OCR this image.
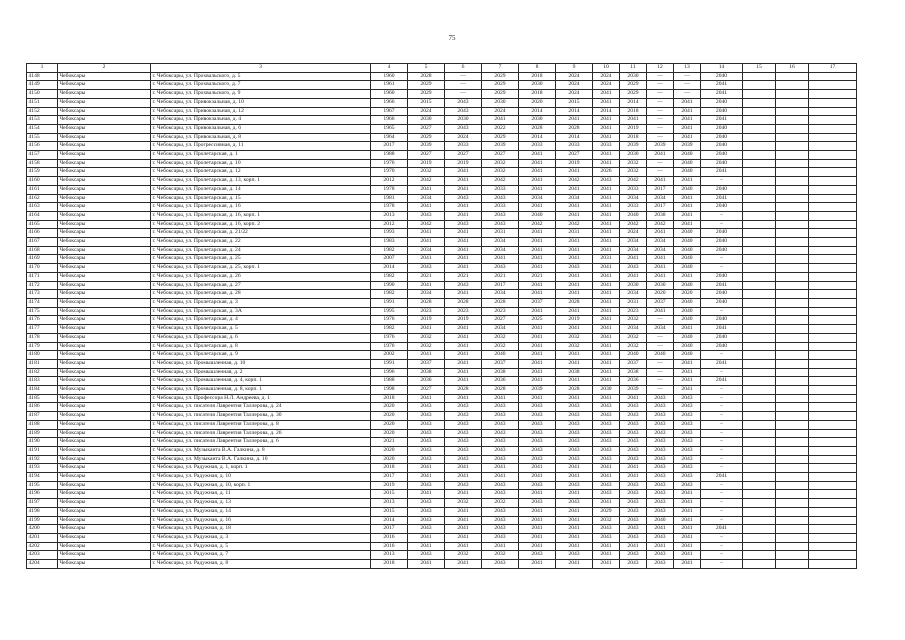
75
1	2	3	4	5	6	7	8	9	10	11	12	13	14	15	16	17
4148	Чебоксары	г. Чебоксары, ул. Прохвальского, д. 5	1960	2028	—	2029	2018	2024	2024	2030	—	—	2040			
4149	Чебоксары	г. Чебоксары, ул. Прохвальского, д. 7	1961	2029	—	2029	2030	2024	2024	2029	—	—	2041			
4150	Чебоксары	г. Чебоксары, ул. Прохвальского, д. 9	1960	2029	—	2029	2018	2024	2041	2029	—	—	2041			
4151	Чебоксары	г. Чебоксары, ул. Привокзальная, д. 10	1966	2015	2043	2030	2020	2015	2041	2014	—	2041	2040			
4152	Чебоксары	г. Чебоксары, ул. Привокзальная, д. 12	1967	2024	2043	2024	2014	2014	2014	2018	—	2041	2040			
4153	Чебоксары	г. Чебоксары, ул. Привокзальная, д. 4	1966	2030	2030	2041	2030	2041	2041	2041	—	2041	2041			
4154	Чебоксары	г. Чебоксары, ул. Привокзальная, д. 6	1965	2027	2043	2022	2028	2028	2041	2019	—	2041	2040			
4155	Чебоксары	г. Чебоксары, ул. Привокзальная, д. 8	1964	2029	2024	2029	2014	2014	2041	2018	—	2041	2040			
4156	Чебоксары	г. Чебоксары, ул. Прогрессивная, д. 11	2017	2039	2033	2039	2033	2033	2033	2039	2039	2039	2040			
4157	Чебоксары	г. Чебоксары, ул. Пролетарская, д. 1	1988	2027	2027	2027	2041	2027	2041	2030	2041	2040	2040			
4158	Чебоксары	г. Чебоксары, ул. Пролетарская, д. 10	1976	2019	2019	2032	2041	2019	2041	2032	—	2040	2040			
4159	Чебоксары	г. Чебоксары, ул. Пролетарская, д. 12	1970	2032	2041	2032	2041	2041	2026	2032	—	2040	2041			
4160	Чебоксары	г. Чебоксары, ул. Пролетарская, д. 13, корп. 1	2012	2042	2041	2042	2041	2042	2043	2042	2041	2041	–			
4161	Чебоксары	г. Чебоксары, ул. Пролетарская, д. 14	1978	2041	2041	2033	2041	2041	2041	2033	2017	2040	2040			
4162	Чебоксары	г. Чебоксары, ул. Пролетарская, д. 15	1981	2034	2043	2043	2034	2034	2041	2034	2034	2041	2041			
4163	Чебоксары	г. Чебоксары, ул. Пролетарская, д. 16	1978	2041	2041	2033	2041	2041	2041	2033	2017	2041	2040			
4164	Чебоксары	г. Чебоксары, ул. Пролетарская, д. 16, корп. 1	2013	2043	2041	2043	2040	2041	2041	2040	2038	2041	–			
4165	Чебоксары	г. Чебоксары, ул. Пролетарская, д. 16, корп. 2	2012	2042	2043	2043	2042	2042	2041	2042	2042	2041	–			
4166	Чебоксары	г. Чебоксары, ул. Пролетарская, д. 21/22	1993	2041	2041	2031	2041	2031	2041	2024	2041	2040	2040			
4167	Чебоксары	г. Чебоксары, ул. Пролетарская, д. 22	1983	2041	2041	2034	2041	2041	2041	2034	2034	2040	2040			
4168	Чебоксары	г. Чебоксары, ул. Пролетарская, д. 24	1982	2034	2041	2034	2041	2041	2041	2034	2034	2040	2040			
4169	Чебоксары	г. Чебоксары, ул. Пролетарская, д. 25	2007	2041	2041	2041	2041	2041	2031	2041	2041	2040	–			
4170	Чебоксары	г. Чебоксары, ул. Пролетарская, д. 25, корп. 1	2014	2043	2041	2043	2041	2043	2041	2043	2041	2040	–			
4171	Чебоксары	г. Чебоксары, ул. Пролетарская, д. 26	1982	2021	2021	2021	2021	2041	2041	2041	2041	2041	2040			
4172	Чебоксары	г. Чебоксары, ул. Пролетарская, д. 27	1990	2041	2043	2017	2041	2041	2041	2030	2030	2040	2041			
4173	Чебоксары	г. Чебоксары, ул. Пролетарская, д. 28	1982	2034	2041	2034	2041	2041	2041	2034	2020	2020	2040			
4174	Чебоксары	г. Чебоксары, ул. Пролетарская, д. 3	1991	2028	2028	2028	2037	2028	2041	2031	2037	2040	2040			
4175	Чебоксары	г. Чебоксары, ул. Пролетарская, д. 3А	1995	2023	2023	2023	2041	2041	2041	2023	2041	2040	–			
4176	Чебоксары	г. Чебоксары, ул. Пролетарская, д. 4	1976	2019	2019	2027	2025	2019	2041	2032	—	2040	2040			
4177	Чебоксары	г. Чебоксары, ул. Пролетарская, д. 5	1982	2041	2041	2034	2041	2041	2041	2034	2034	2041	2041			
4178	Чебоксары	г. Чебоксары, ул. Пролетарская, д. 6	1976	2032	2041	2032	2041	2032	2041	2032	—	2040	2040			
4179	Чебоксары	г. Чебоксары, ул. Пролетарская, д. 8	1976	2032	2041	2032	2041	2032	2041	2032	—	2040	2040			
4180	Чебоксары	г. Чебоксары, ул. Пролетарская, д. 9	2002	2041	2041	2040	2041	2041	2041	2040	2040	2040	–			
4181	Чебоксары	г. Чебоксары, ул. Промышленная, д. 10	1991	2037	2041	2037	2041	2041	2041	2037	—	2041	2041			
4182	Чебоксары	г. Чебоксары, ул. Промышленная, д. 2	1996	2038	2041	2038	2041	2038	2041	2038	—	2041	–			
4183	Чебоксары	г. Чебоксары, ул. Промышленная, д. 4, корп. 1	1988	2036	2041	2036	2041	2041	2041	2036	—	2041	2041			
4184	Чебоксары	г. Чебоксары, ул. Промышленная, д. 8, корп. 1	1998	2027	2028	2028	2039	2028	2030	2039	—	2041	–			
4185	Чебоксары	г. Чебоксары, ул. Профессора Н.Л. Андреева, д. 1	2018	2041	2041	2041	2041	2041	2041	2041	2043	2043	–			
4186	Чебоксары	г. Чебоксары, ул. писателя Лаврентия Таллерова, д. 24	2020	2043	2043	2043	2043	2043	2043	2043	2043	2043	–			
4187	Чебоксары	г. Чебоксары, ул. писателя Лаврентия Таллерова, д. 30	2020	2043	2043	2043	2043	2043	2043	2043	2043	2043	–			
4188	Чебоксары	г. Чебоксары, ул. писателя Лаврентия Таллерова, д. 8	2020	2043	2043	2043	2043	2043	2043	2043	2043	2043	–			
4189	Чебоксары	г. Чебоксары, ул. писателя Лаврентия Таллерова, д. 26	2020	2043	2043	2043	2043	2043	2043	2043	2043	2043	–			
4190	Чебоксары	г. Чебоксары, ул. писателя Лаврентия Таллерова, д. 6	2021	2043	2043	2043	2043	2043	2043	2043	2043	2043	–			
4191	Чебоксары	г. Чебоксары, ул. Музыканта В.А. Галкина, д. 8	2020	2043	2043	2043	2043	2043	2043	2043	2043	2043	–			
4192	Чебоксары	г. Чебоксары, ул. Музыканта В.А. Галкина, д. 10	2020	2043	2043	2043	2043	2043	2043	2043	2043	2043	–			
4193	Чебоксары	г. Чебоксары, ул. Радужная, д. 1, корп. 1	2018	2041	2041	2041	2041	2041	2041	2041	2043	2043	–			
4194	Чебоксары	г. Чебоксары, ул. Радужная, д. 10	2017	2041	2041	2041	2041	2041	2041	2041	2043	2043	2041			
4195	Чебоксары	г. Чебоксары, ул. Радужная, д. 10, корп. 1	2019	2043	2043	2043	2043	2043	2043	2043	2043	2043	–			
4196	Чебоксары	г. Чебоксары, ул. Радужная, д. 11	2015	2041	2041	2043	2041	2041	2043	2043	2043	2041	–			
4197	Чебоксары	г. Чебоксары, ул. Радужная, д. 13	2013	2043	2032	2032	2043	2043	2041	2043	2043	2041	–			
4198	Чебоксары	г. Чебоксары, ул. Радужная, д. 14	2015	2043	2041	2043	2041	2041	2029	2043	2043	2041	–			
4199	Чебоксары	г. Чебоксары, ул. Радужная, д. 16	2014	2043	2041	2043	2041	2041	2032	2043	2040	2041	–			
4200	Чебоксары	г. Чебоксары, ул. Радужная, д. 18	2017	2043	2041	2043	2041	2041	2043	2043	2041	2041	2041			
4201	Чебоксары	г. Чебоксары, ул. Радужная, д. 3	2016	2041	2041	2043	2041	2041	2043	2043	2043	2041	–			
4202	Чебоксары	г. Чебоксары, ул. Радужная, д. 5	2016	2041	2041	2041	2041	2041	2041	2041	2041	2041	–			
4203	Чебоксары	г. Чебоксары, ул. Радужная, д. 7	2013	2043	2032	2032	2043	2043	2041	2043	2043	2041	–			
4204	Чебоксары	г. Чебоксары, ул. Радужная, д. 8	2018	2041	2041	2043	2041	2041	2041	2043	2043	2041	–			
